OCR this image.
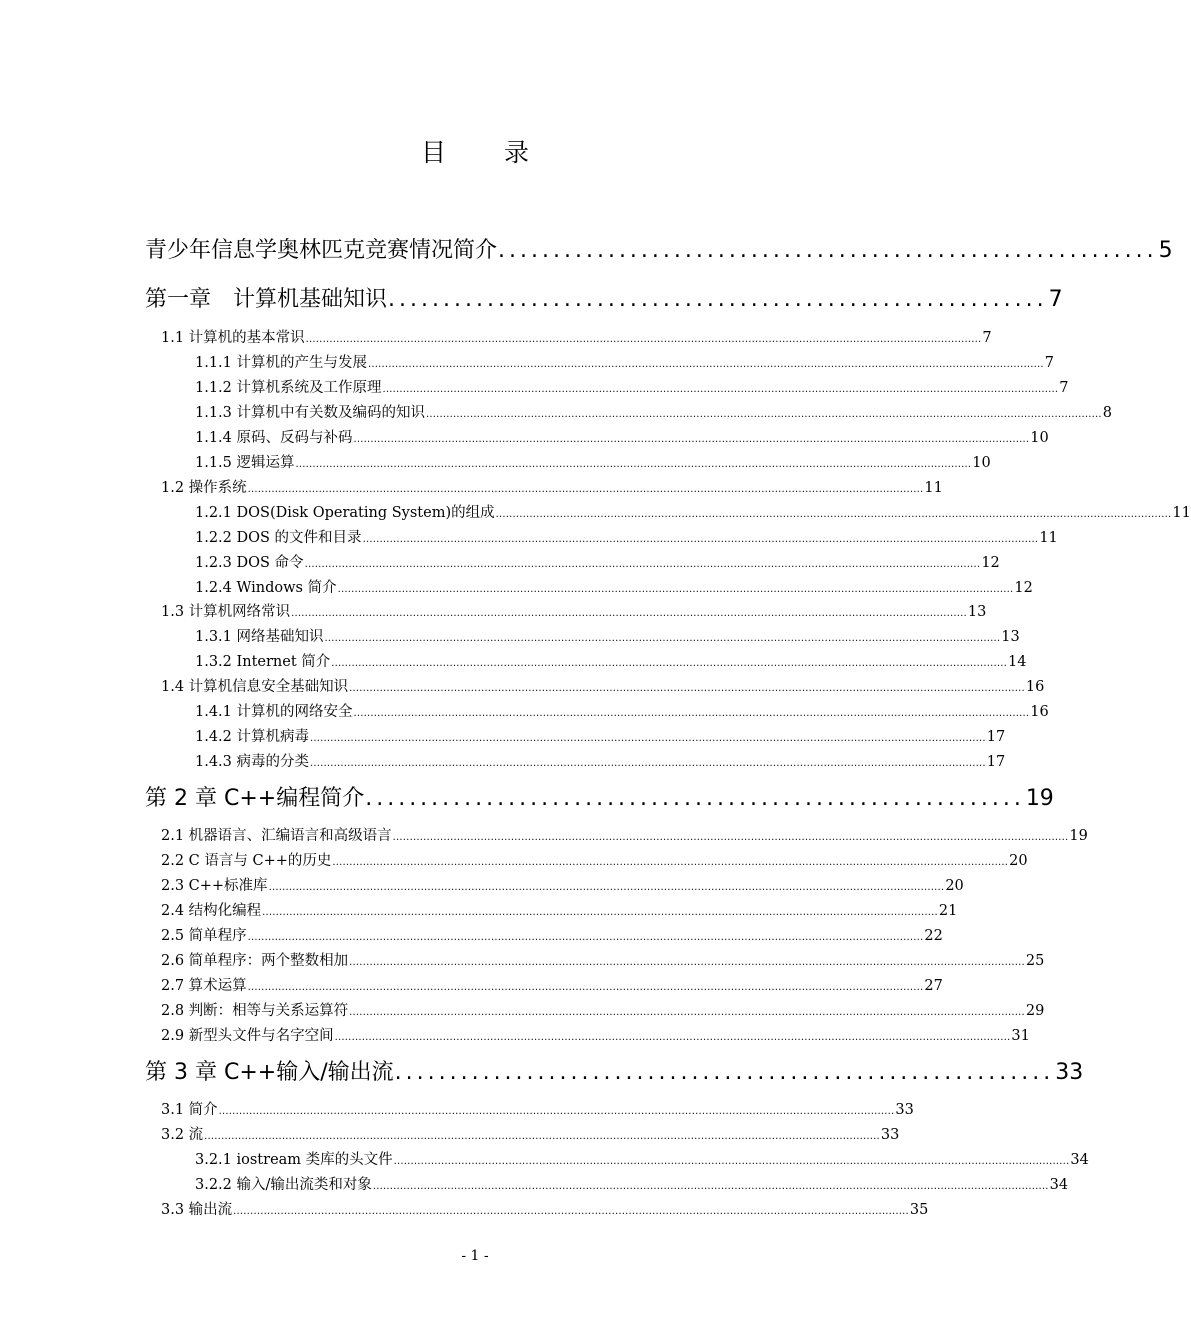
目 录
青少年信息学奥林匹克竞赛情况简介 ............................................................ 5
第一章　计算机基础知识 ............................................................ 7
1.1 计算机的基本常识 ........................................................................................................................................................................................................ 7
1.1.1 计算机的产生与发展 ........................................................................................................................................................................................................ 7
1.1.2 计算机系统及工作原理 ........................................................................................................................................................................................................ 7
1.1.3 计算机中有关数及编码的知识 ........................................................................................................................................................................................................ 8
1.1.4 原码、反码与补码 ........................................................................................................................................................................................................ 10
1.1.5 逻辑运算 ........................................................................................................................................................................................................ 10
1.2 操作系统 ........................................................................................................................................................................................................ 11
1.2.1 DOS(Disk Operating System)的组成 ........................................................................................................................................................................................................ 11
1.2.2 DOS 的文件和目录 ........................................................................................................................................................................................................ 11
1.2.3 DOS 命令 ........................................................................................................................................................................................................ 12
1.2.4 Windows 简介 ........................................................................................................................................................................................................ 12
1.3 计算机网络常识 ........................................................................................................................................................................................................ 13
1.3.1 网络基础知识 ........................................................................................................................................................................................................ 13
1.3.2 Internet 简介 ........................................................................................................................................................................................................ 14
1.4 计算机信息安全基础知识 ........................................................................................................................................................................................................ 16
1.4.1 计算机的网络安全 ........................................................................................................................................................................................................ 16
1.4.2 计算机病毒 ........................................................................................................................................................................................................ 17
1.4.3 病毒的分类 ........................................................................................................................................................................................................ 17
第 2 章 C++编程简介 ............................................................ 19
2.1 机器语言、汇编语言和高级语言 ........................................................................................................................................................................................................ 19
2.2 C 语言与 C++的历史 ........................................................................................................................................................................................................ 20
2.3 C++标准库 ........................................................................................................................................................................................................ 20
2.4 结构化编程 ........................................................................................................................................................................................................ 21
2.5 简单程序 ........................................................................................................................................................................................................ 22
2.6 简单程序：两个整数相加 ........................................................................................................................................................................................................ 25
2.7 算术运算 ........................................................................................................................................................................................................ 27
2.8 判断：相等与关系运算符 ........................................................................................................................................................................................................ 29
2.9 新型头文件与名字空间 ........................................................................................................................................................................................................ 31
第 3 章 C++输入/输出流 ............................................................ 33
3.1 简介 ........................................................................................................................................................................................................ 33
3.2 流 ........................................................................................................................................................................................................ 33
3.2.1 iostream 类库的头文件 ........................................................................................................................................................................................................ 34
3.2.2 输入/输出流类和对象 ........................................................................................................................................................................................................ 34
3.3 输出流 ........................................................................................................................................................................................................ 35
- 1 -
